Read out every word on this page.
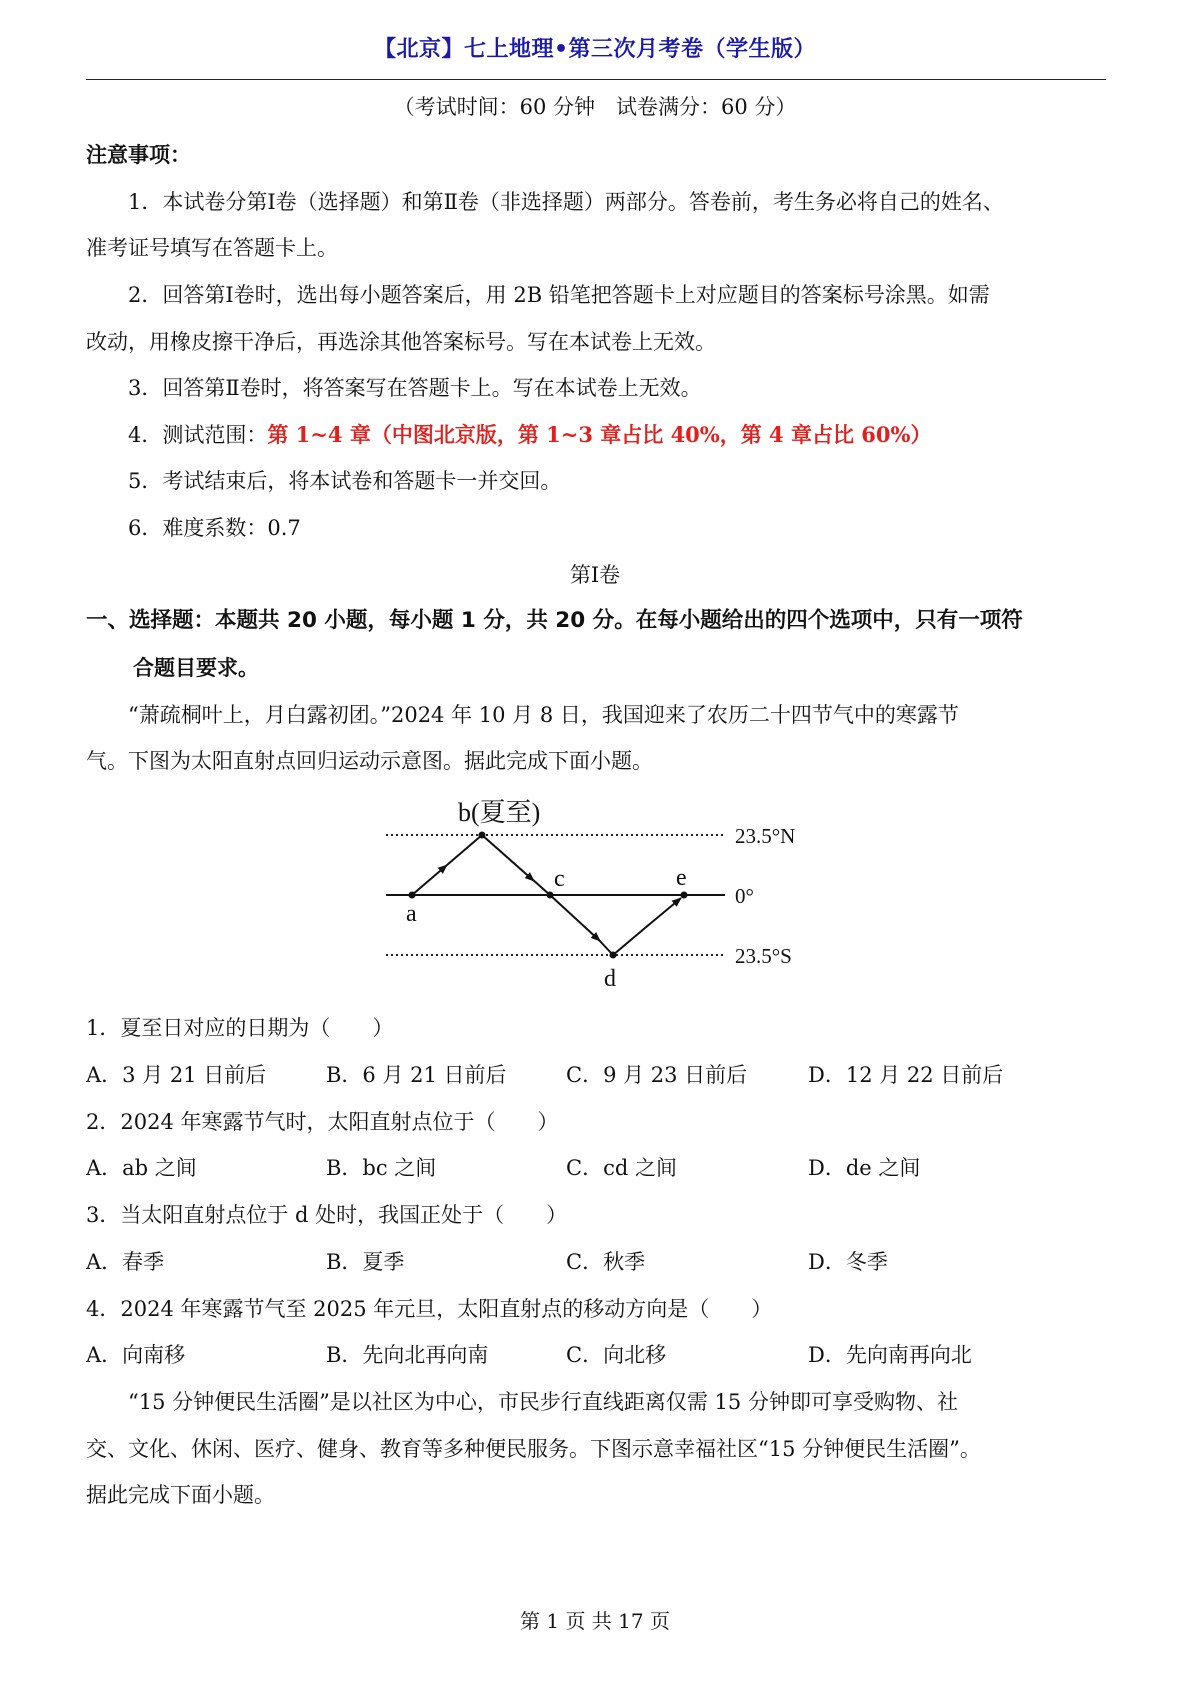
【北京】七上地理•第三次月考卷（学生版）
（考试时间：60 分钟　试卷满分：60 分）
注意事项：
1．本试卷分第Ⅰ卷（选择题）和第Ⅱ卷（非选择题）两部分。答卷前，考生务必将自己的姓名、
准考证号填写在答题卡上。
2．回答第Ⅰ卷时，选出每小题答案后，用 2B 铅笔把答题卡上对应题目的答案标号涂黑。如需
改动，用橡皮擦干净后，再选涂其他答案标号。写在本试卷上无效。
3．回答第Ⅱ卷时，将答案写在答题卡上。写在本试卷上无效。
4．测试范围：第 1~4 章（中图北京版，第 1~3 章占比 40%，第 4 章占比 60%）
5．考试结束后，将本试卷和答题卡一并交回。
6．难度系数：0.7
第Ⅰ卷
一、选择题：本题共 20 小题，每小题 1 分，共 20 分。在每小题给出的四个选项中，只有一项符
合题目要求。
“萧疏桐叶上，月白露初团。”2024 年 10 月 8 日，我国迎来了农历二十四节气中的寒露节
气。下图为太阳直射点回归运动示意图。据此完成下面小题。
a
b(夏至)
c
d
e
23.5°N
0°
23.5°S
1．夏至日对应的日期为（　　）
A．3 月 21 日前后	B．6 月 21 日前后	C．9 月 23 日前后	D．12 月 22 日前后
2．2024 年寒露节气时，太阳直射点位于（　　）
A．ab 之间	B．bc 之间	C．cd 之间	D．de 之间
3．当太阳直射点位于 d 处时，我国正处于（　　）
A．春季	B．夏季	C．秋季	D．冬季
4．2024 年寒露节气至 2025 年元旦，太阳直射点的移动方向是（　　）
A．向南移	B．先向北再向南	C．向北移	D．先向南再向北
“15 分钟便民生活圈”是以社区为中心，市民步行直线距离仅需 15 分钟即可享受购物、社
交、文化、休闲、医疗、健身、教育等多种便民服务。下图示意幸福社区“15 分钟便民生活圈”。
据此完成下面小题。
第 1 页 共 17 页
